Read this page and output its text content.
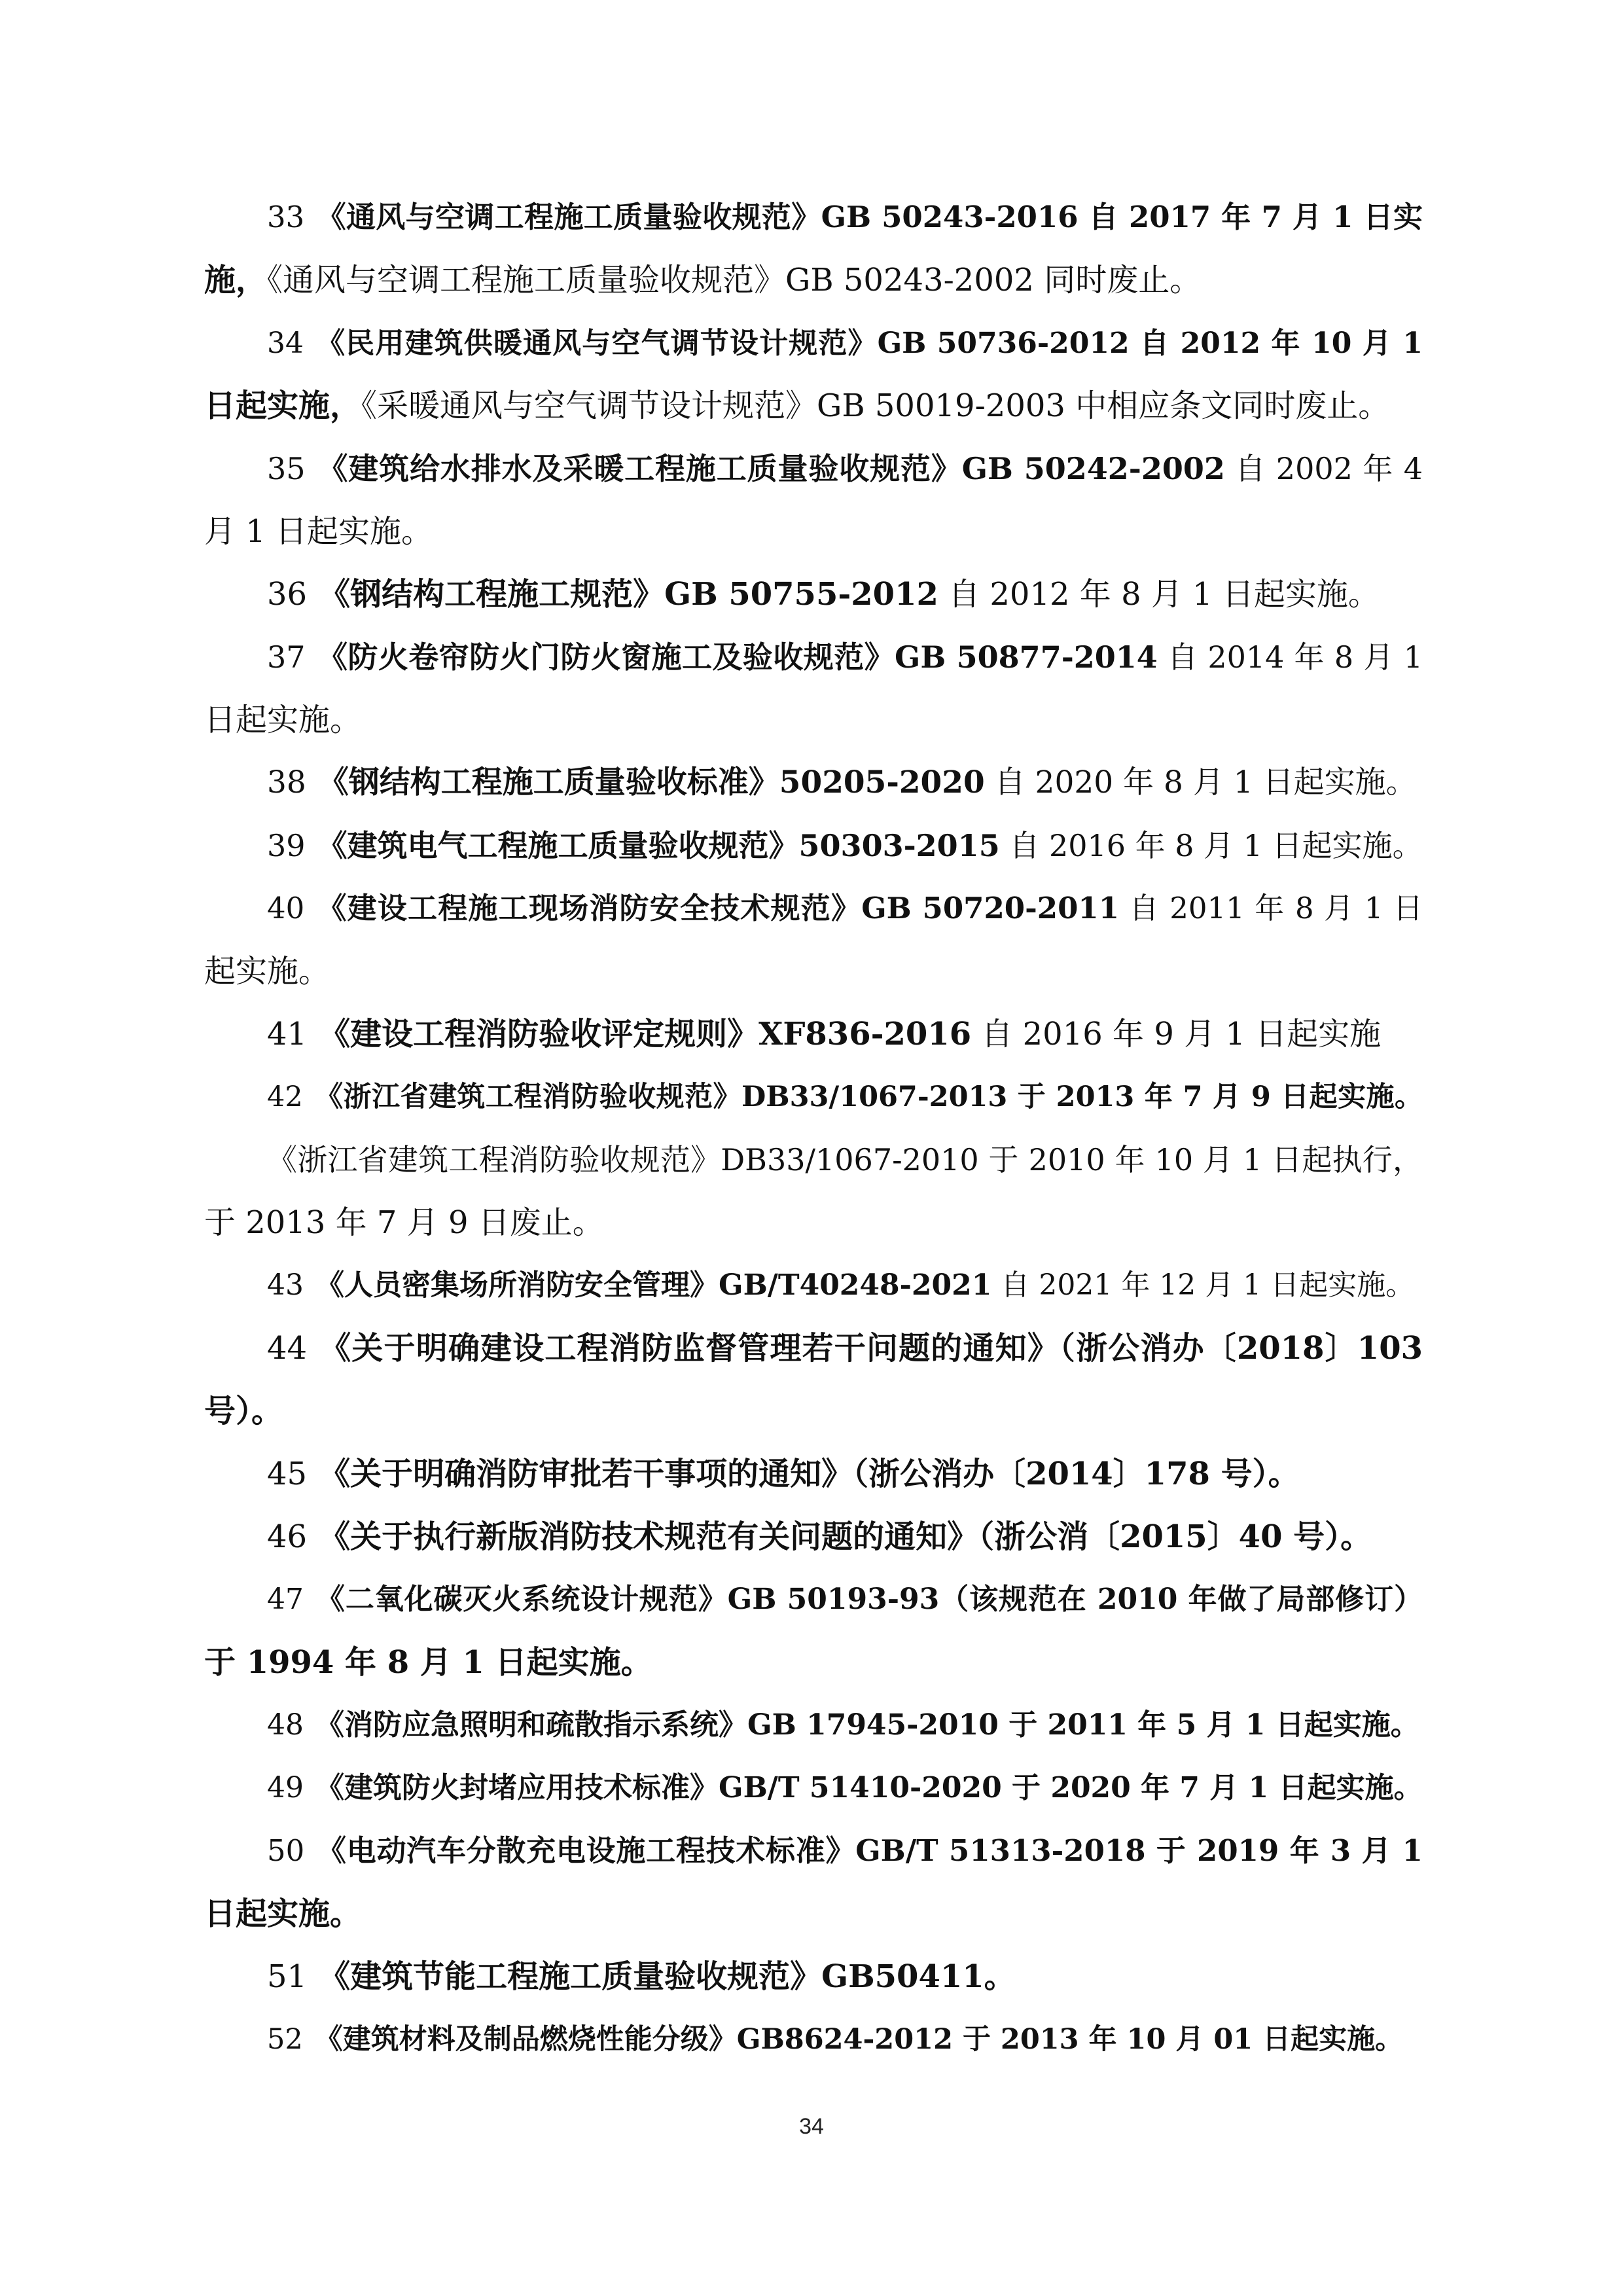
33 《通风与空调工程施工质量验收规范》GB 50243-2016 自 2017 年 7 月 1 日实
施，《通风与空调工程施工质量验收规范》GB 50243-2002 同时废止。
34 《民用建筑供暖通风与空气调节设计规范》GB 50736-2012 自 2012 年 10 月 1
日起实施，《采暖通风与空气调节设计规范》GB 50019-2003 中相应条文同时废止。
35 《建筑给水排水及采暖工程施工质量验收规范》GB 50242-2002 自 2002 年 4
月 1 日起实施。
36 《钢结构工程施工规范》GB 50755-2012 自 2012 年 8 月 1 日起实施。
37 《防火卷帘防火门防火窗施工及验收规范》GB 50877-2014 自 2014 年 8 月 1
日起实施。
38 《钢结构工程施工质量验收标准》50205-2020 自 2020 年 8 月 1 日起实施。
39 《建筑电气工程施工质量验收规范》50303-2015 自 2016 年 8 月 1 日起实施。
40 《建设工程施工现场消防安全技术规范》GB 50720-2011 自 2011 年 8 月 1 日
起实施。
41 《建设工程消防验收评定规则》XF836-2016 自 2016 年 9 月 1 日起实施
42 《浙江省建筑工程消防验收规范》DB33/1067-2013 于 2013 年 7 月 9 日起实施。
《浙江省建筑工程消防验收规范》DB33/1067-2010 于 2010 年 10 月 1 日起执行，
于 2013 年 7 月 9 日废止。
43 《人员密集场所消防安全管理》GB/T40248-2021 自 2021 年 12 月 1 日起实施。
44 《关于明确建设工程消防监督管理若干问题的通知》（浙公消办〔2018〕103
号）。
45 《关于明确消防审批若干事项的通知》（浙公消办〔2014〕178 号）。
46 《关于执行新版消防技术规范有关问题的通知》（浙公消〔2015〕40 号）。
47 《二氧化碳灭火系统设计规范》GB 50193-93（该规范在 2010 年做了局部修订）
于 1994 年 8 月 1 日起实施。
48 《消防应急照明和疏散指示系统》GB 17945-2010 于 2011 年 5 月 1 日起实施。
49 《建筑防火封堵应用技术标准》GB/T 51410-2020 于 2020 年 7 月 1 日起实施。
50 《电动汽车分散充电设施工程技术标准》GB/T 51313-2018 于 2019 年 3 月 1
日起实施。
51 《建筑节能工程施工质量验收规范》GB50411。
52 《建筑材料及制品燃烧性能分级》GB8624-2012 于 2013 年 10 月 01 日起实施。
34
